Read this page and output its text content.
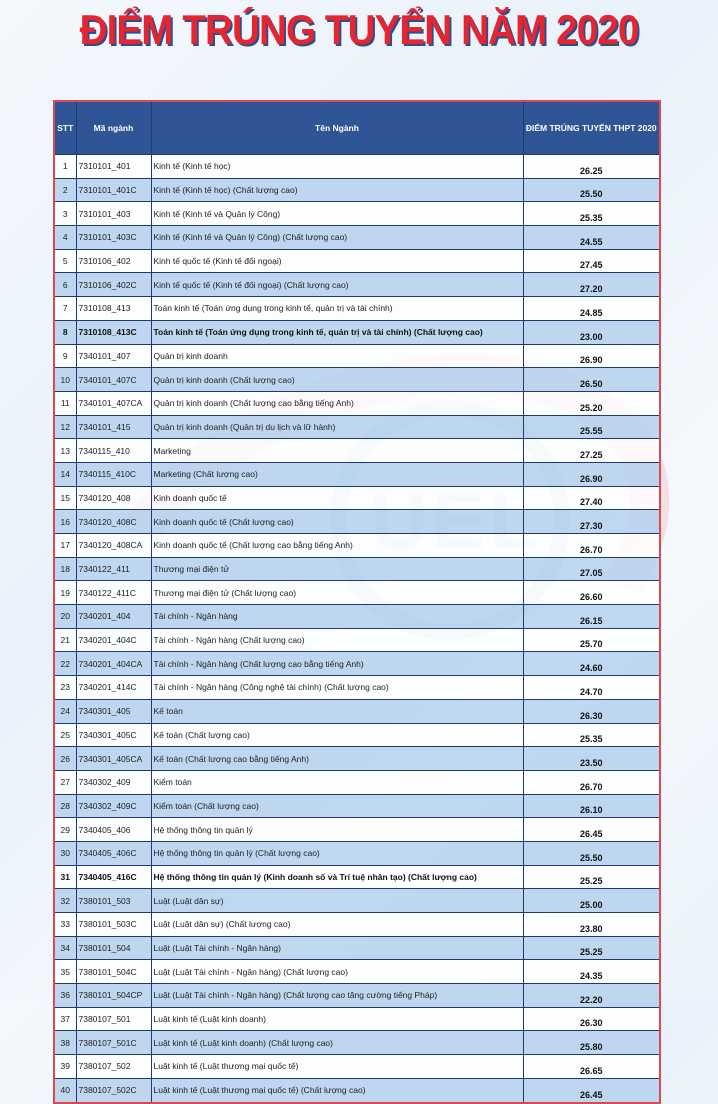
ĐIỂM TRÚNG TUYỂN NĂM 2020
STT	Mã ngành	Tên Ngành	ĐIỂM TRÚNG TUYỂN THPT 2020
1	7310101_401	Kinh tế (Kinh tế học)	26.25
2	7310101_401C	Kinh tế (Kinh tế học) (Chất lượng cao)	25.50
3	7310101_403	Kinh tế (Kinh tế và Quản lý Công)	25.35
4	7310101_403C	Kinh tế (Kinh tế và Quản lý Công) (Chất lượng cao)	24.55
5	7310106_402	Kinh tế quốc tế (Kinh tế đối ngoại)	27.45
6	7310106_402C	Kinh tế quốc tế (Kinh tế đối ngoại) (Chất lượng cao)	27.20
7	7310108_413	Toán kinh tế (Toán ứng dụng trong kinh tế, quản trị và tài chính)	24.85
8	7310108_413C	Toán kinh tế (Toán ứng dụng trong kinh tế, quản trị và tài chính) (Chất lượng cao)	23.00
9	7340101_407	Quản trị kinh doanh	26.90
10	7340101_407C	Quản trị kinh doanh (Chất lượng cao)	26.50
11	7340101_407CA	Quản trị kinh doanh (Chất lượng cao bằng tiếng Anh)	25.20
12	7340101_415	Quản trị kinh doanh (Quản trị du lịch và lữ hành)	25.55
13	7340115_410	Marketing	27.25
14	7340115_410C	Marketing (Chất lượng cao)	26.90
15	7340120_408	Kinh doanh quốc tế	27.40
16	7340120_408C	Kinh doanh quốc tế (Chất lượng cao)	27.30
17	7340120_408CA	Kinh doanh quốc tế (Chất lượng cao bằng tiếng Anh)	26.70
18	7340122_411	Thương mại điện tử	27.05
19	7340122_411C	Thương mại điện tử (Chất lượng cao)	26.60
20	7340201_404	Tài chính - Ngân hàng	26.15
21	7340201_404C	Tài chính - Ngân hàng (Chất lượng cao)	25.70
22	7340201_404CA	Tài chính - Ngân hàng (Chất lượng cao bằng tiếng Anh)	24.60
23	7340201_414C	Tài chính - Ngân hàng (Công nghệ tài chính) (Chất lượng cao)	24.70
24	7340301_405	Kế toán	26.30
25	7340301_405C	Kế toán (Chất lượng cao)	25.35
26	7340301_405CA	Kế toán (Chất lượng cao bằng tiếng Anh)	23.50
27	7340302_409	Kiểm toán	26.70
28	7340302_409C	Kiểm toán (Chất lượng cao)	26.10
29	7340405_406	Hệ thống thông tin quản lý	26.45
30	7340405_406C	Hệ thống thông tin quản lý (Chất lượng cao)	25.50
31	7340405_416C	Hệ thống thông tin quản lý (Kinh doanh số và Trí tuệ nhân tạo) (Chất lượng cao)	25.25
32	7380101_503	Luật (Luật dân sự)	25.00
33	7380101_503C	Luật (Luật dân sự) (Chất lượng cao)	23.80
34	7380101_504	Luật (Luật Tài chính - Ngân hàng)	25.25
35	7380101_504C	Luật (Luật Tài chính - Ngân hàng) (Chất lượng cao)	24.35
36	7380101_504CP	Luật (Luật Tài chính - Ngân hàng) (Chất lượng cao tăng cường tiếng Pháp)	22.20
37	7380107_501	Luật kinh tế (Luật kinh doanh)	26.30
38	7380107_501C	Luật kinh tế (Luật kinh doanh) (Chất lượng cao)	25.80
39	7380107_502	Luật kinh tế (Luật thương mại quốc tế)	26.65
40	7380107_502C	Luật kinh tế (Luật thương mại quốc tế) (Chất lượng cao)	26.45
